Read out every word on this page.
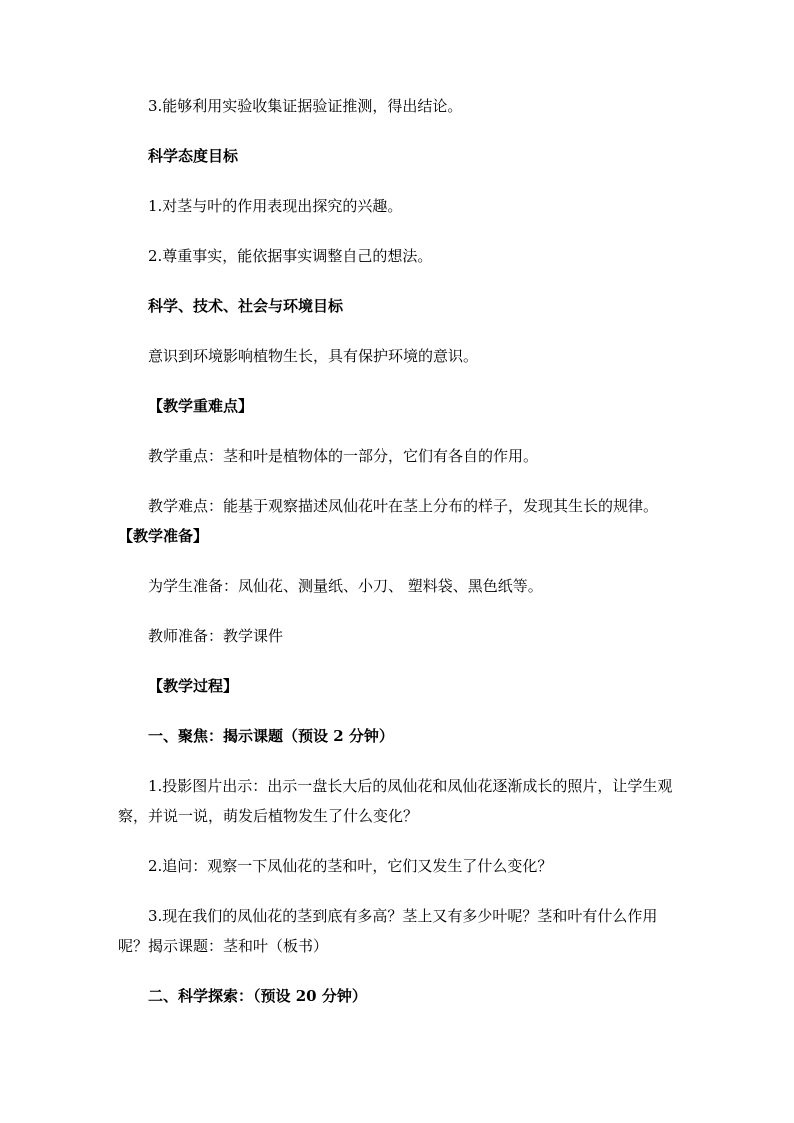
3.能够利用实验收集证据验证推测，得出结论。

科学态度目标

1.对茎与叶的作用表现出探究的兴趣。

2.尊重事实，能依据事实调整自己的想法。

科学、技术、社会与环境目标

意识到环境影响植物生长，具有保护环境的意识。

【教学重难点】

教学重点：茎和叶是植物体的一部分，它们有各自的作用。

教学难点：能基于观察描述凤仙花叶在茎上分布的样子，发现其生长的规律。【教学准备】

为学生准备：凤仙花、测量纸、小刀、 塑料袋、黑色纸等。

教师准备：教学课件

【教学过程】

一、聚焦：揭示课题（预设 2 分钟）

1.投影图片出示：出示一盘长大后的凤仙花和凤仙花逐渐成长的照片，让学生观察，并说一说，萌发后植物发生了什么变化？

2.追问：观察一下凤仙花的茎和叶，它们又发生了什么变化？

3.现在我们的凤仙花的茎到底有多高？茎上又有多少叶呢？茎和叶有什么作用呢？揭示课题：茎和叶（板书）

二、科学探索：（预设 20 分钟）
